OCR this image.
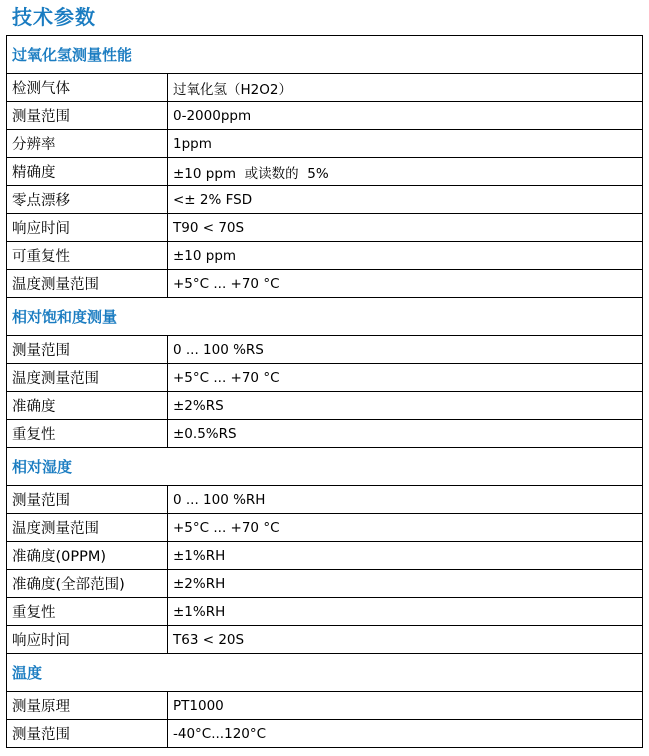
技术参数
过氧化氢测量性能	
检测气体	过氧化氢（H2O2）
测量范围	0-2000ppm
分辨率	1ppm
精确度	±10 ppm  或读数的  5%
零点漂移	<± 2% FSD
响应时间	T90 < 70S
可重复性	±10 ppm
温度测量范围	+5°C ... +70 °C
相对饱和度测量	
测量范围	0 ... 100 %RS
温度测量范围	+5°C ... +70 °C
准确度	±2%RS
重复性	±0.5%RS
相对湿度	
测量范围	0 ... 100 %RH
温度测量范围	+5°C ... +70 °C
准确度(0PPM)	±1%RH
准确度(全部范围)	±2%RH
重复性	±1%RH
响应时间	T63 < 20S
温度	
测量原理	PT1000
测量范围	-40°C...120°C
